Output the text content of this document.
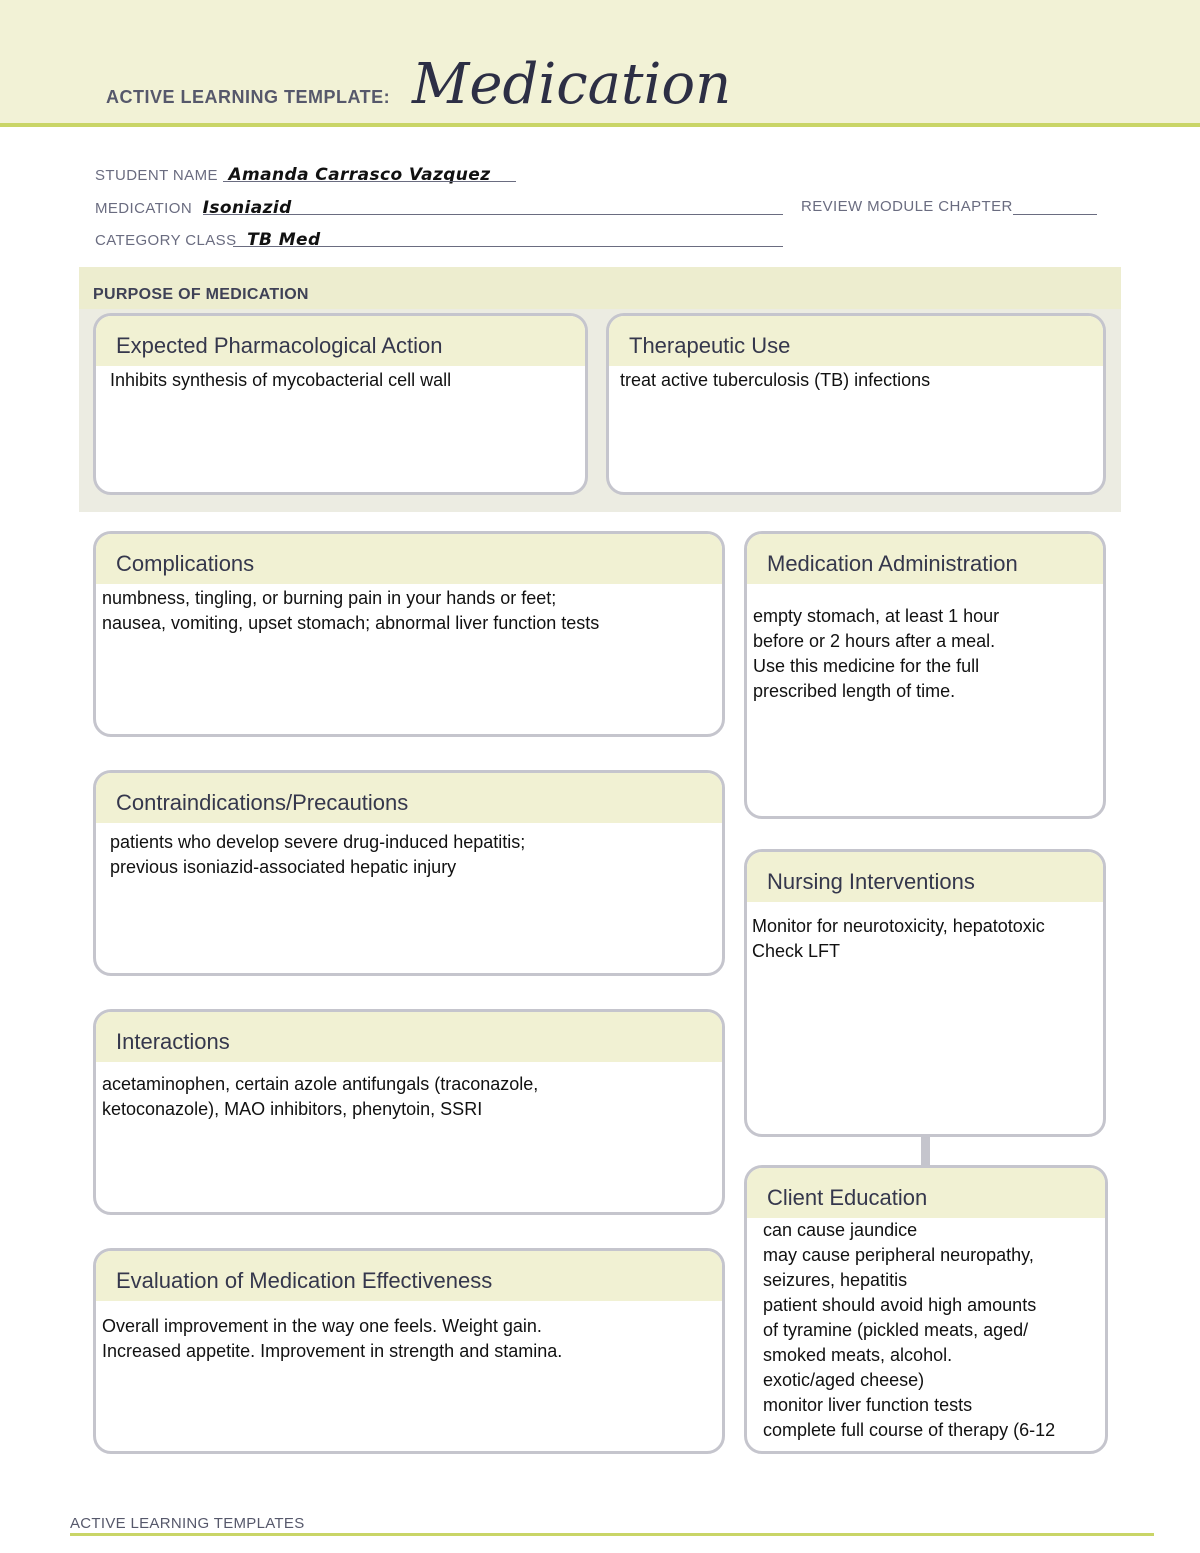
ACTIVE LEARNING TEMPLATE: Medication
STUDENT NAME Amanda Carrasco Vazquez
MEDICATION Isoniazid	REVIEW MODULE CHAPTER
CATEGORY CLASS TB Med
PURPOSE OF MEDICATION
Expected Pharmacological Action
Inhibits synthesis of mycobacterial cell wall
Therapeutic Use
treat active tuberculosis (TB) infections
Complications
numbness, tingling, or burning pain in your hands or feet;
nausea, vomiting, upset stomach; abnormal liver function tests
Contraindications/Precautions
patients who develop severe drug-induced hepatitis;
previous isoniazid-associated hepatic injury
Interactions
acetaminophen, certain azole antifungals (traconazole,
ketoconazole), MAO inhibitors, phenytoin, SSRI
Evaluation of Medication Effectiveness
Overall improvement in the way one feels. Weight gain.
Increased appetite. Improvement in strength and stamina.
Medication Administration
empty stomach, at least 1 hour
before or 2 hours after a meal.
Use this medicine for the full
prescribed length of time.
Nursing Interventions
Monitor for neurotoxicity, hepatotoxic
Check LFT
Client Education
can cause jaundice
may cause peripheral neuropathy,
seizures, hepatitis
patient should avoid high amounts
of tyramine (pickled meats, aged/
smoked meats, alcohol.
exotic/aged cheese)
monitor liver function tests
complete full course of therapy (6-12
ACTIVE LEARNING TEMPLATES
